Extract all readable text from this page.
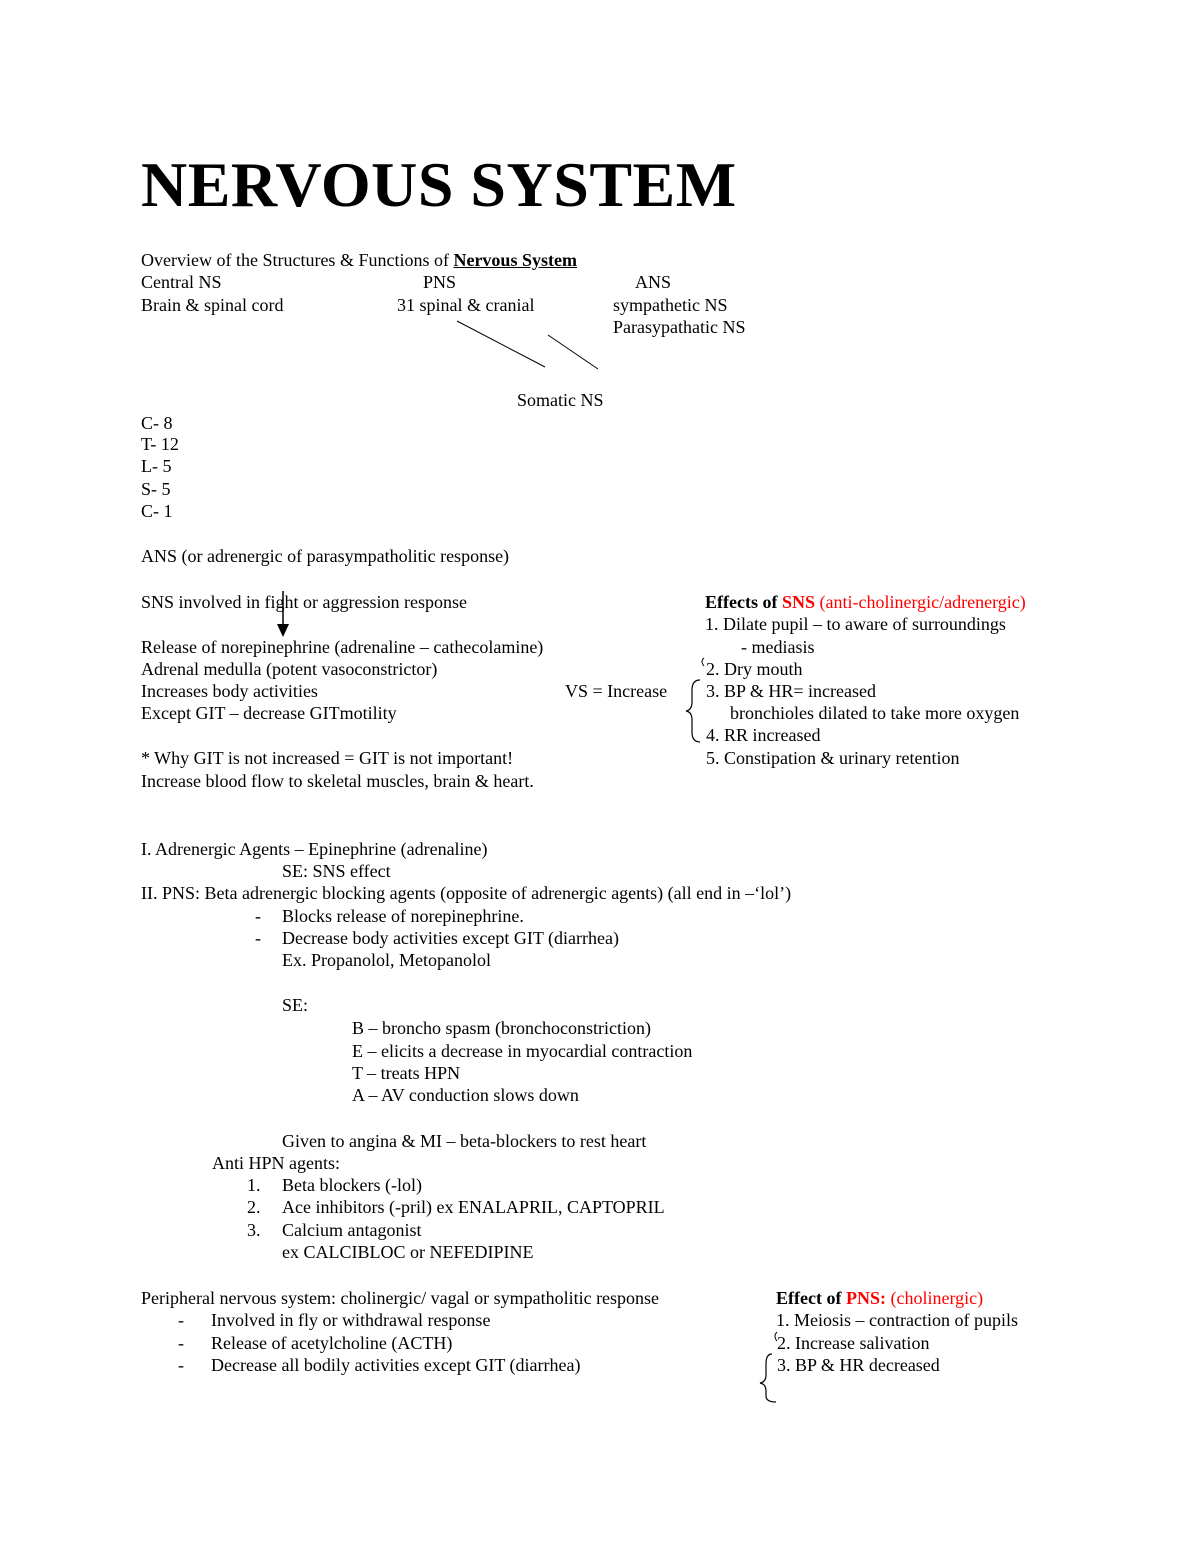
NERVOUS SYSTEM
Overview of the Structures & Functions of Nervous System
Central NS	PNS	ANS
Brain & spinal cord	31 spinal & cranial	sympathetic NS
Parasypathatic NS
Somatic NS
C- 8
T- 12
L- 5
S- 5
C- 1
ANS (or adrenergic of parasympatholitic response)
SNS involved in fight or aggression response
Release of norepinephrine (adrenaline – cathecolamine)
Adrenal medulla (potent vasoconstrictor)
Increases body activities
Except GIT – decrease GITmotility
* Why GIT is not increased = GIT is not important!
Increase blood flow to skeletal muscles, brain & heart.
VS = Increase
Effects of SNS (anti-cholinergic/adrenergic)
1. Dilate pupil – to aware of surroundings
- mediasis
2. Dry mouth
3. BP & HR= increased
bronchioles dilated to take more oxygen
4. RR increased
5. Constipation & urinary retention
I. Adrenergic Agents – Epinephrine (adrenaline)
SE: SNS effect
II. PNS: Beta adrenergic blocking agents (opposite of adrenergic agents) (all end in –‘lol’)
- Blocks release of norepinephrine.
- Decrease body activities except GIT (diarrhea)
Ex. Propanolol, Metopanolol
SE:
B – broncho spasm (bronchoconstriction)
E – elicits a decrease in myocardial contraction
T – treats HPN
A – AV conduction slows down
Given to angina & MI – beta-blockers to rest heart
Anti HPN agents:
1. Beta blockers (-lol)
2. Ace inhibitors (-pril) ex ENALAPRIL, CAPTOPRIL
3. Calcium antagonist
ex CALCIBLOC or NEFEDIPINE
Peripheral nervous system: cholinergic/ vagal or sympatholitic response
- Involved in fly or withdrawal response
- Release of acetylcholine (ACTH)
- Decrease all bodily activities except GIT (diarrhea)
Effect of PNS: (cholinergic)
1. Meiosis – contraction of pupils
2. Increase salivation
3. BP & HR decreased
